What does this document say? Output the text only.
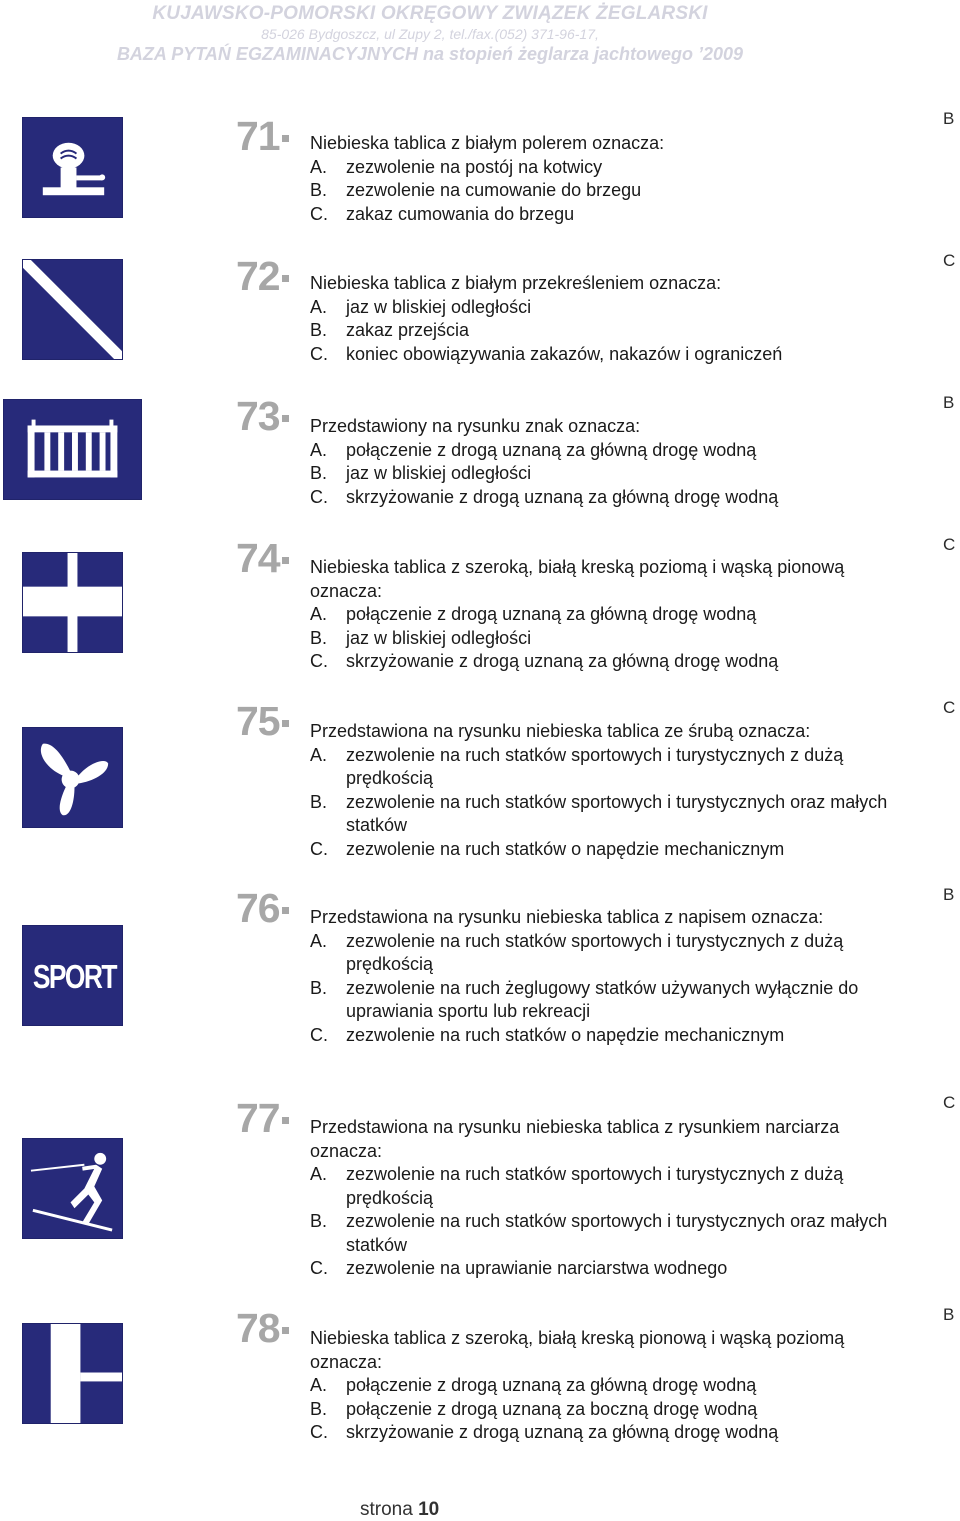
KUJAWSKO-POMORSKI OKRĘGOWY ZWIĄZEK ŻEGLARSKI
85-026 Bydgoszcz, ul Zupy 2, tel./fax.(052) 371-96-17,
BAZA PYTAŃ EGZAMINACYJNYCH na stopień żeglarza jachtowego ’2009
71	Niebieska tablica z białym polerem oznacza:
A. zezwolenie na postój na kotwicy
B. zezwolenie na cumowanie do brzegu
C. zakaz cumowania do brzegu
B
72	Niebieska tablica z białym przekreśleniem oznacza:
A. jaz w bliskiej odległości
B. zakaz przejścia
C. koniec obowiązywania zakazów, nakazów i ograniczeń
C
73	Przedstawiony na rysunku znak oznacza:
A. połączenie z drogą uznaną za główną drogę wodną
B. jaz w bliskiej odległości
C. skrzyżowanie z drogą uznaną za główną drogę wodną
B
74	Niebieska tablica z szeroką, białą kreską poziomą i wąską pionową oznacza:
A. połączenie z drogą uznaną za główną drogę wodną
B. jaz w bliskiej odległości
C. skrzyżowanie z drogą uznaną za główną drogę wodną
C
75	Przedstawiona na rysunku niebieska tablica ze śrubą oznacza:
A. zezwolenie na ruch statków sportowych i turystycznych z dużą prędkością
B. zezwolenie na ruch statków sportowych i turystycznych oraz małych statków
C. zezwolenie na ruch statków o napędzie mechanicznym
C
SPORT
76	Przedstawiona na rysunku niebieska tablica z napisem oznacza:
A. zezwolenie na ruch statków sportowych i turystycznych z dużą prędkością
B. zezwolenie na ruch żeglugowy statków używanych wyłącznie do uprawiania sportu lub rekreacji
C. zezwolenie na ruch statków o napędzie mechanicznym
B
77	Przedstawiona na rysunku niebieska tablica z rysunkiem narciarza oznacza:
A. zezwolenie na ruch statków sportowych i turystycznych z dużą prędkością
B. zezwolenie na ruch statków sportowych i turystycznych oraz małych statków
C. zezwolenie na uprawianie narciarstwa wodnego
C
78	Niebieska tablica z szeroką, białą kreską pionową i wąską poziomą oznacza:
A. połączenie z drogą uznaną za główną drogę wodną
B. połączenie z drogą uznaną za boczną drogę wodną
C. skrzyżowanie z drogą uznaną za główną drogę wodną
B
strona 10
